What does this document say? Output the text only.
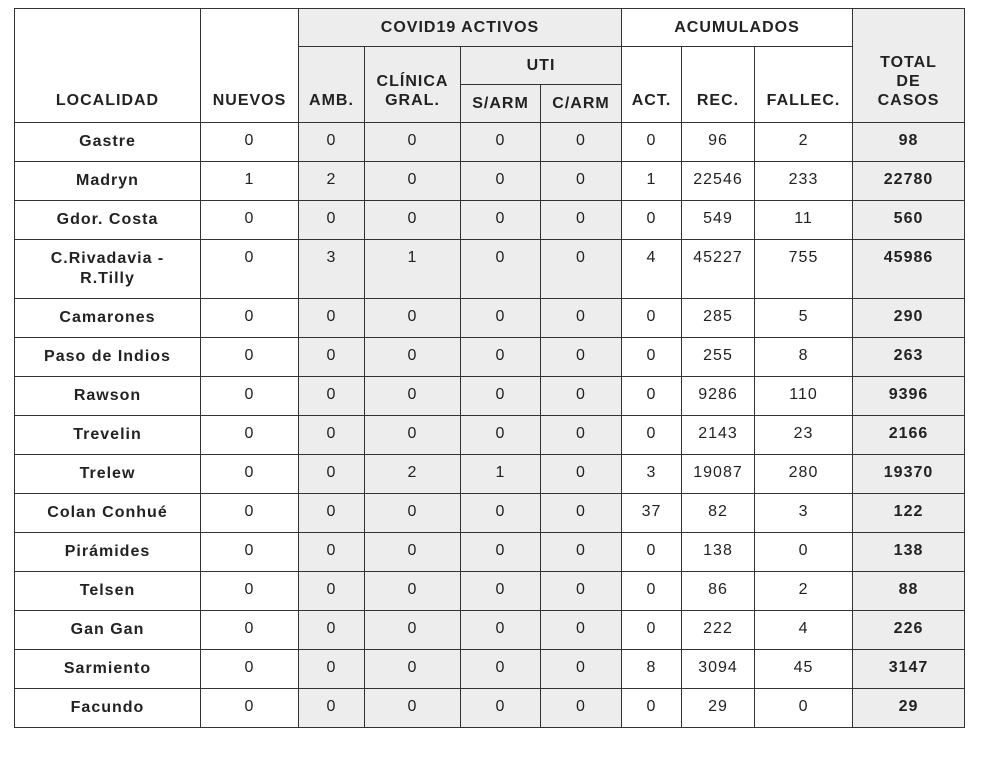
LOCALIDAD	NUEVOS	COVID19 ACTIVOS				ACUMULADOS			TOTAL DE CASOS

		AMB.	CLÍNICA GRAL.	UTI		ACT.	REC.	FALLEC.	
				S/ARM	C/ARM				
Gastre	0	0	0	0	0	0	96	2	98
Madryn	1	2	0	0	0	1	22546	233	22780
Gdor. Costa	0	0	0	0	0	0	549	11	560
C.Rivadavia - R.Tilly	0	3	1	0	0	4	45227	755	45986
Camarones	0	0	0	0	0	0	285	5	290
Paso de Indios	0	0	0	0	0	0	255	8	263
Rawson	0	0	0	0	0	0	9286	110	9396
Trevelin	0	0	0	0	0	0	2143	23	2166
Trelew	0	0	2	1	0	3	19087	280	19370
Colan Conhué	0	0	0	0	0	37	82	3	122
Pirámides	0	0	0	0	0	0	138	0	138
Telsen	0	0	0	0	0	0	86	2	88
Gan Gan	0	0	0	0	0	0	222	4	226
Sarmiento	0	0	0	0	0	8	3094	45	3147
Facundo	0	0	0	0	0	0	29	0	29
